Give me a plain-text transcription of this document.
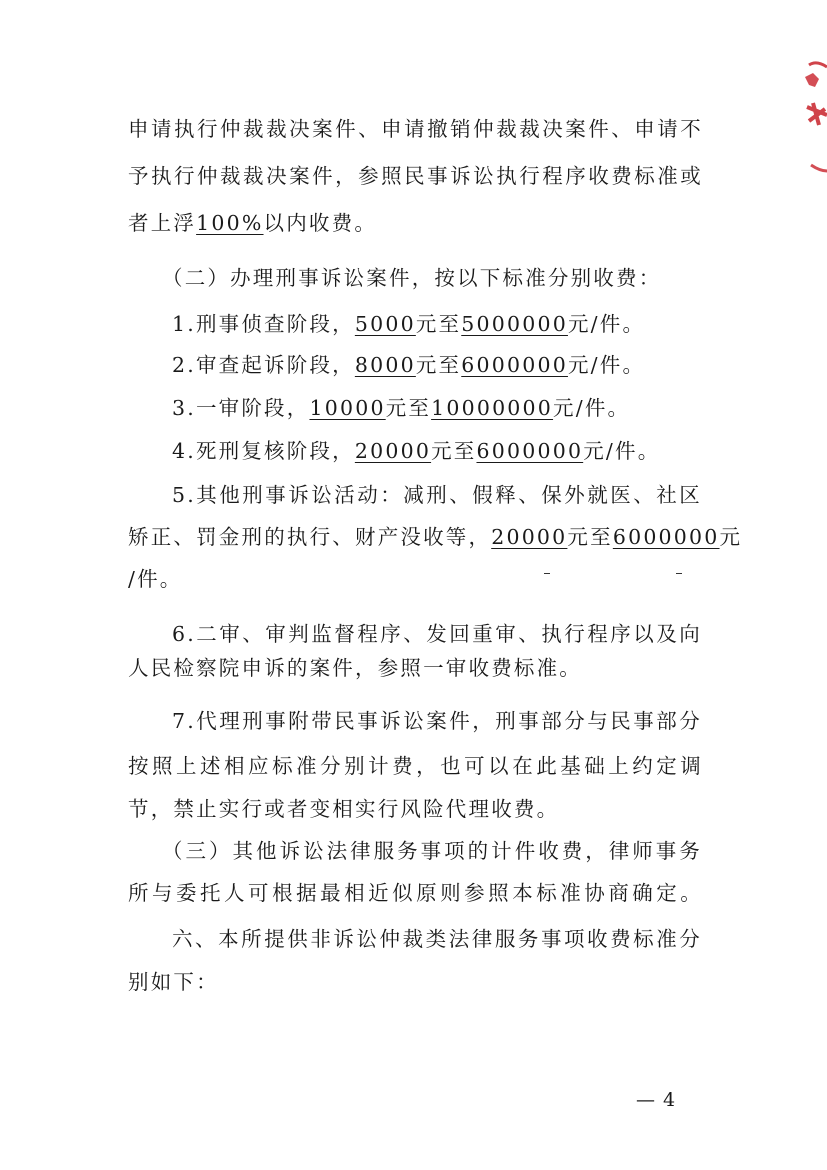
申请执行仲裁裁决案件、申请撤销仲裁裁决案件、申请不
予执行仲裁裁决案件，参照民事诉讼执行程序收费标准或
者上浮100%以内收费。
（二）办理刑事诉讼案件，按以下标准分别收费：
1.刑事侦查阶段，5000元至5000000元/件。
2.审查起诉阶段，8000元至6000000元/件。
3.一审阶段，10000元至10000000元/件。
4.死刑复核阶段，20000元至6000000元/件。
5.其他刑事诉讼活动：减刑、假释、保外就医、社区
矫正、罚金刑的执行、财产没收等，20000元至6000000元
/件。
6.二审、审判监督程序、发回重审、执行程序以及向
人民检察院申诉的案件，参照一审收费标准。
7.代理刑事附带民事诉讼案件，刑事部分与民事部分
按照上述相应标准分别计费，也可以在此基础上约定调
节，禁止实行或者变相实行风险代理收费。
（三）其他诉讼法律服务事项的计件收费，律师事务
所与委托人可根据最相近似原则参照本标准协商确定。
六、本所提供非诉讼仲裁类法律服务事项收费标准分
别如下：
— 4
